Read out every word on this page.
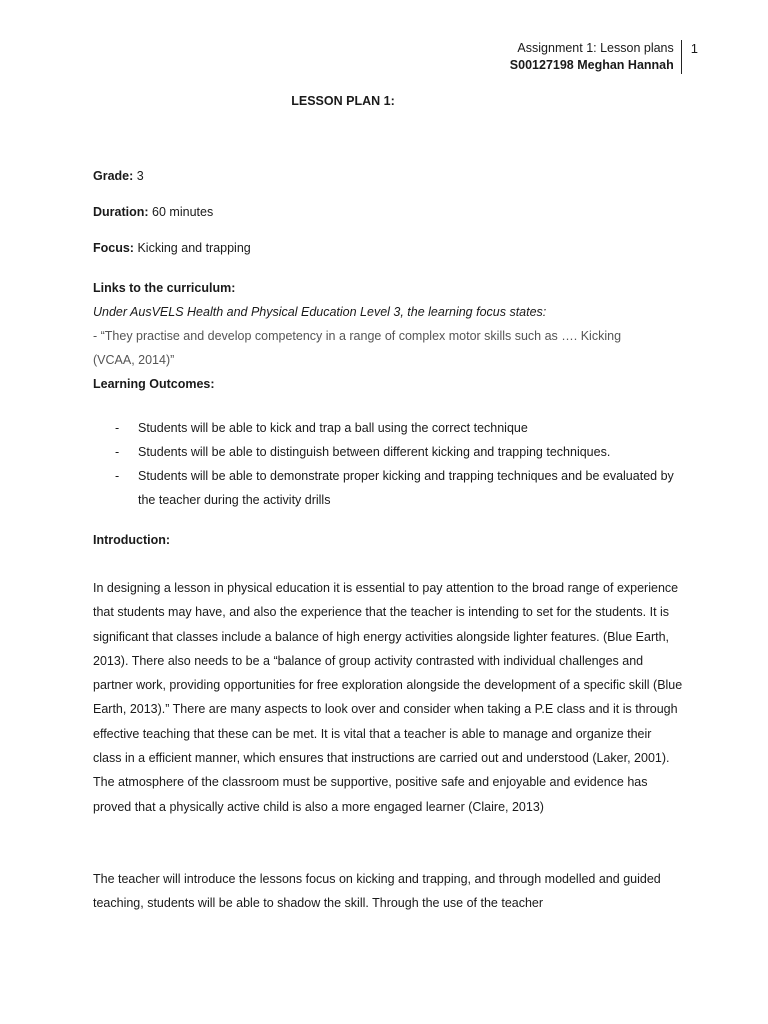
Assignment 1: Lesson plans
S00127198 Meghan Hannah
1
LESSON PLAN 1:

Grade: 3

Duration: 60 minutes

Focus: Kicking and trapping

Links to the curriculum:

Under AusVELS Health and Physical Education Level 3, the learning focus states:

- “They practise and develop competency in a range of complex motor skills such as …. Kicking

(VCAA, 2014)”

Learning Outcomes:

- Students will be able to kick and trap a ball using the correct technique
- Students will be able to distinguish between different kicking and trapping techniques.
- Students will be able to demonstrate proper kicking and trapping techniques and be evaluated by the teacher during the activity drills

Introduction:

In designing a lesson in physical education it is essential to pay attention to the broad range of experience that students may have, and also the experience that the teacher is intending to set for the students. It is significant that classes include a balance of high energy activities alongside lighter features. (Blue Earth, 2013). There also needs to be a “balance of group activity contrasted with individual challenges and partner work, providing opportunities for free exploration alongside the development of a specific skill (Blue Earth, 2013).” There are many aspects to look over and consider when taking a P.E class and it is through effective teaching that these can be met. It is vital that a teacher is able to manage and organize their class in a efficient manner, which ensures that instructions are carried out and understood (Laker, 2001). The atmosphere of the classroom must be supportive, positive safe and enjoyable and evidence has proved that a physically active child is also a more engaged learner (Claire, 2013)

The teacher will introduce the lessons focus on kicking and trapping, and through modelled and guided teaching, students will be able to shadow the skill. Through the use of the teacher
